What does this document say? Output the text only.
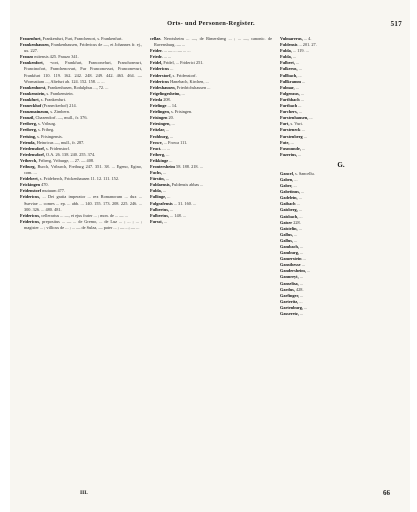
Orts- und Personen-Register.	517
Frauenfurt, Frankenfurt, Furt, Franchenort, s. Frankenfurt.
Frankenhausen, Frankenhausen, Fridericus de —, et Johannes fr. ej., ux. 227.
Frauzo mitensis 425. Frauzo 341.
Frankenfort, -vort, Frankfurt, Franconefurt, Franchonvurt, Francinofort, Franchenovurt, Fur Franconovurt, Franconevurt, Frankfurt 110. 119. 162. 242. 248. 249. 442. 463. 464. — Wormatiam ..., Altefurt ab. 124. 152. 158. ... ...
Frankenhorst, Frankenhusen, Rodulphus ..., 72. ...
Frankenstein, s. Frankenstein.
Frankfurt, s. Frankenfurt.
Franeckhof (Franeckerhof) 214.
Franzmainzum, s. Zimbern.
Franzil, Chazendorf. —, mull., fr. 376.
Freiberg, s. Vriburg.
Freiberg, s. Fribeg.
Freising, s. Frisingensis.
Frienda, Heinricus —, mull., fr. 287.
Friedensdorf, s. Fridenstorf.
Friedensdorf, O.A. 26. 138. 240. 255. 374.
Vriberch, Friberg, Vriburge, ... 27. — 408.
Friburg, Burch, Vriburch, Freiburg 247. 351. 38. ... Egeno, Egino, com. ...
Fridebert, s. Frideberch, Frickenhausen 11. 12. 111. 152.
Frickingen 470.
Fridenstorf mutuum 477.
Fridericus, ... Dei gratia imperator ... rex Romanorum ... dux ... Sueviae ... comes ... ep. ... abb. ... 140. 155. 173. 208. 225. 246. ... 300. 326. ... 480. 481.
Fridericus, cellerarius ... —, et ejus frater ... ; mon. de ... — ...
Fridericus, prepositus ... — ... de Gremo, ... de Luz ... ; ... ; ... ; magister ... ; villicus de ... ; ... — de Sulza, — pater ... ; — ...; — ...
cellae. Nerotsheim ... —, de Rimersberg ... ; ... —, canonic. de Ravensburg. — ...
Frider. ... — ... — ... ...
Friedr. ... ...
Fridel, Fridel, ... Friderici 251.
Fridericus ...
Friderstorf, s. Fridenstorf.
Fridericus Hanebach, Kirchen, ...
Frideshausen, Friedrichshausen ...
Frigelingesheim, ...
Frieda 208.
Frielinge ... 14.
Frielingen, s. Frisingen.
Frisingen 20.
Friesingen, ...
Fritzlar, ...
Frohburg, ...
Frowe, ... Frowa 111.
Fruct. ... ...
Friberg, ...
Frikkinge ...
Frontersheim 58. 188. 218. ...
Fuchs, ...
Fürstin, ...
Fuldaensis, Fuldensis abbas ...
Fulda, ...
Fullinge, ...
Fulgrafensis ... 31. 160. ...
Fulbertus, ...
Fulbertus, ... 148. ...
Fursst, ...
Vulmarerus, ... 4.
Fuldensis ... 201. 27.
Fulda, ... 119. ...
Fulda, ...
Fulbert, ...
Fulkerus, ...
Fullbach, ...
Fullkramm ...
Fulmar, ...
Fulgenzus, ...
Furthbach ...
Furtbach ...
Furchers, ...
Furstenhausen, ...
Furt, s. Vurt.
Fursteneck ...
Furstenberg ...
Fute, ...
Fuxmunde, ...
Fuzerius, ...
G.
Gancel, s. Sancellu.
Gaben, ...
Gaber, ...
Gabetinus, ...
Gadelein, ...
Gaibach ...
Gaisberg, ...
Gaisbach, ...
Gaiser 228.
Gaistelin, ...
Gallus, ...
Gallus, ...
Gambach, ...
Gamburg, ...
Gamerstein ...
Gansthesse ...
Gandersheim, ...
Gannreyt, ...
Ganselisa, ...
Gardus, 428.
Garfinger, ...
Garteritz, ...
Gartenburg, ...
Gasseretz, ...
III.	66
